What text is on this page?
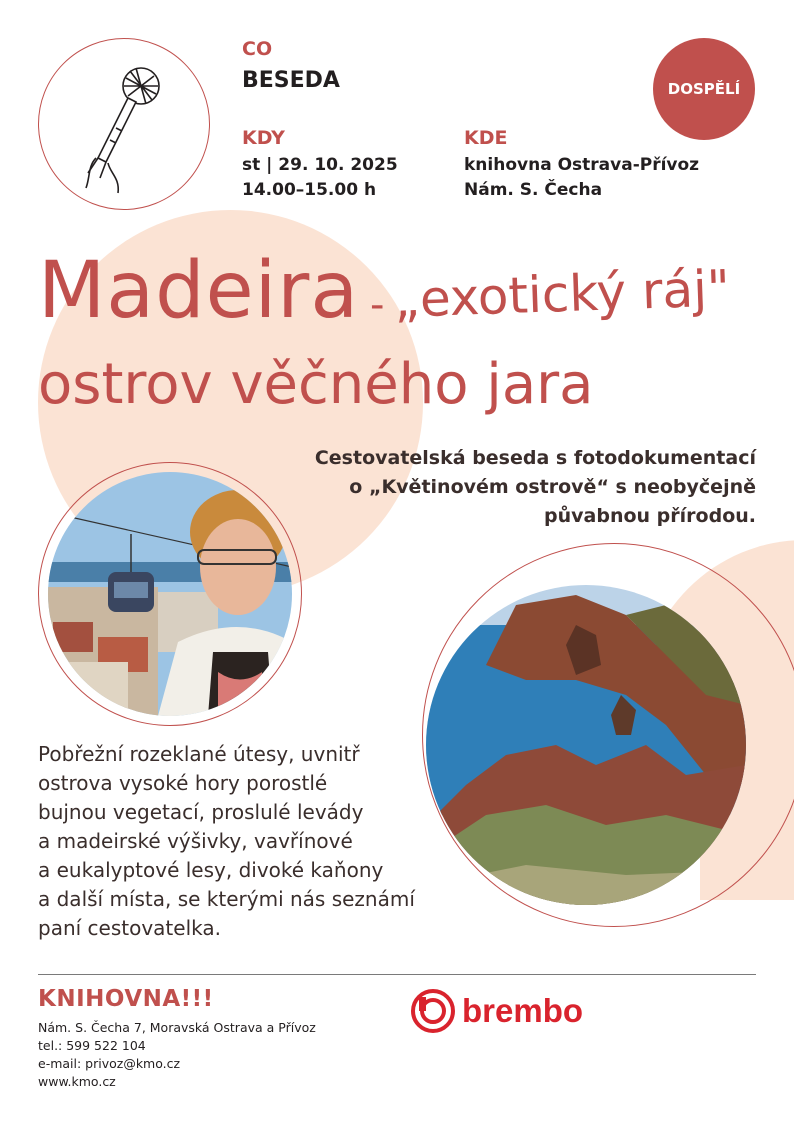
CO
BESEDA
KDY
st | 29. 10. 2025
14.00–15.00 h
KDE
knihovna Ostrava-Přívoz
Nám. S. Čecha
DOSPĚLÍ
Madeira - „exotický ráj"
ostrov věčného jara
Cestovatelská beseda s fotodokumentací
o „Květinovém ostrově“ s neobyčejně
půvabnou přírodou.
Pobřežní rozeklané útesy, uvnitř
ostrova vysoké hory porostlé
bujnou vegetací, proslulé levády
a madeirské výšivky, vavřínové
a eukalyptové lesy, divoké kaňony
a další místa, se kterými nás seznámí
paní cestovatelka.
KNIHOVNA!!!
Nám. S. Čecha 7, Moravská Ostrava a Přívoz
tel.: 599 522 104
e-mail: privoz@kmo.cz
www.kmo.cz
brembo
